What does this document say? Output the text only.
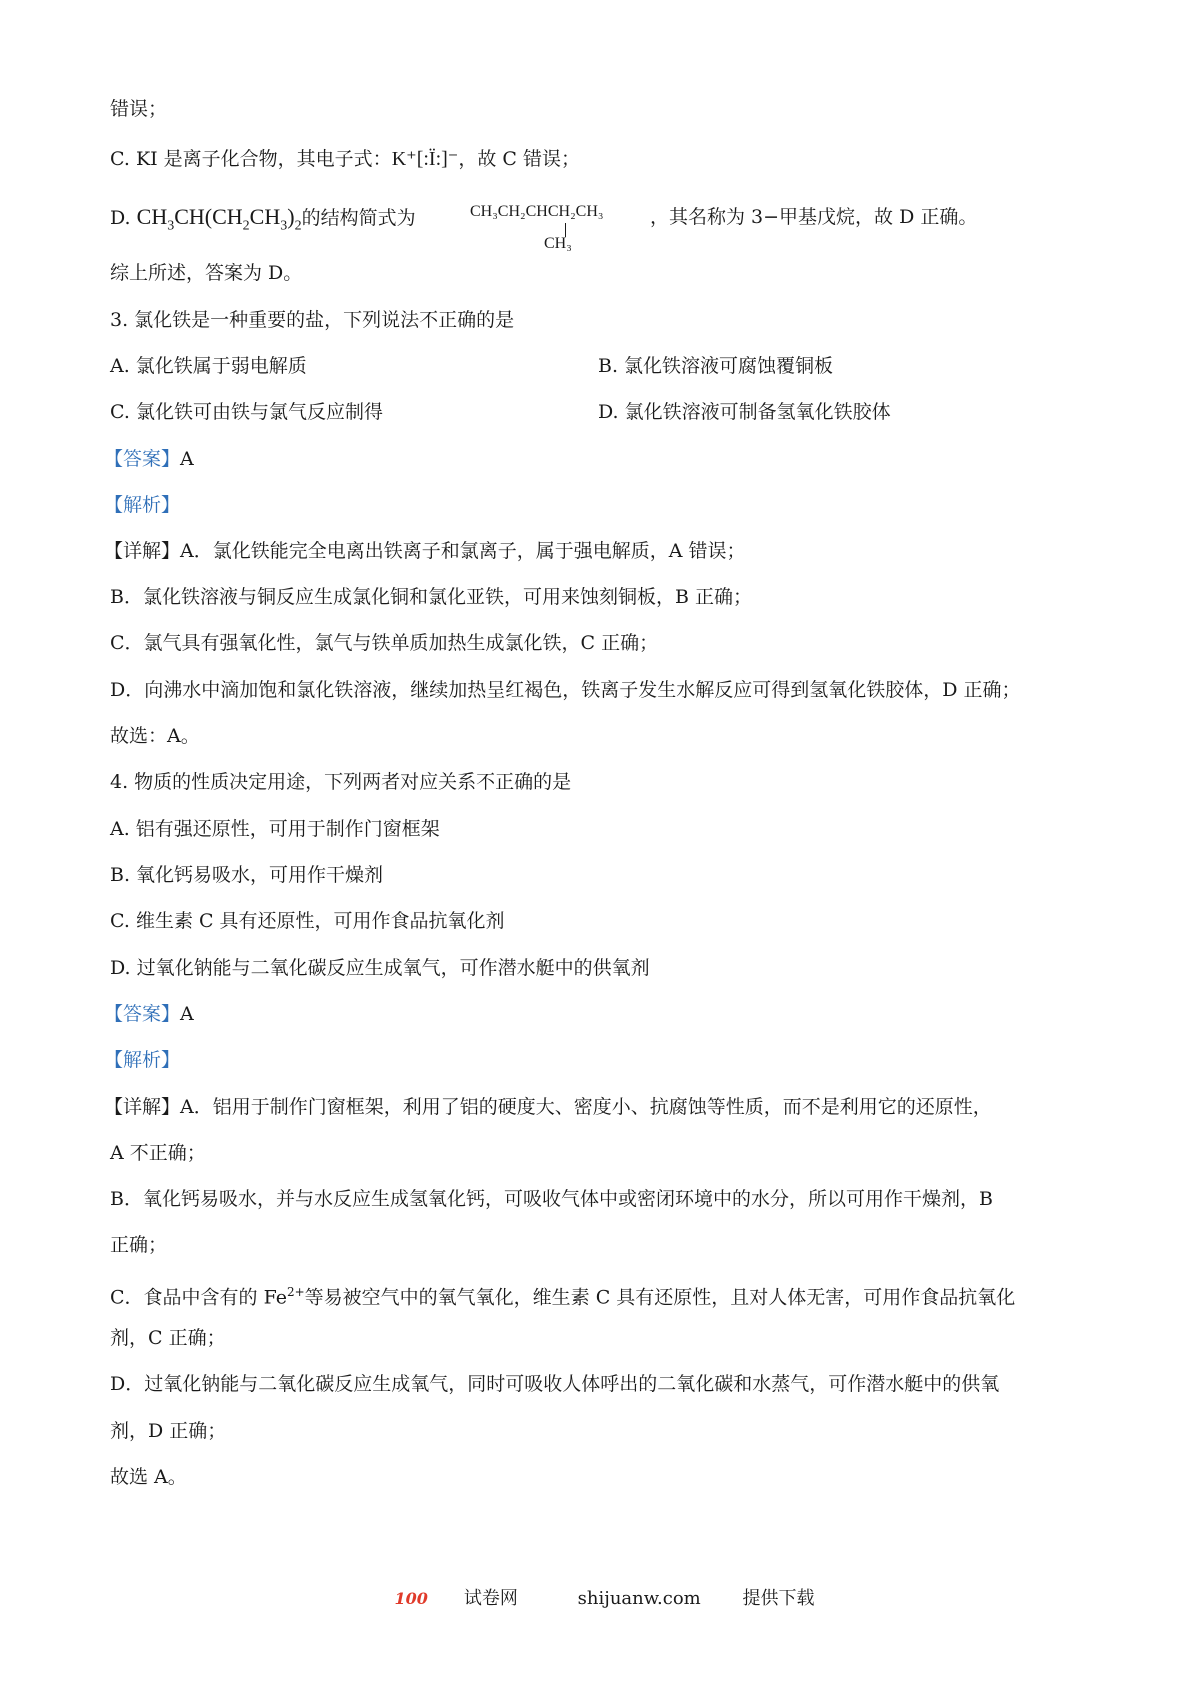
错误；
C. KI 是离子化合物，其电子式：K⁺[:Ï:]⁻，故 C 错误；
D. $CH_3CH(CH_2CH_3)_2$的结构简式为	CH₃CH₂CHCH₂CH₃
CH₃
，其名称为 3−甲基戊烷，故 D 正确。
综上所述，答案为 D。
3. 氯化铁是一种重要的盐，下列说法不正确的是
A. 氯化铁属于弱电解质	B. 氯化铁溶液可腐蚀覆铜板
C. 氯化铁可由铁与氯气反应制得	D. 氯化铁溶液可制备氢氧化铁胶体
【答案】A
【解析】
【详解】A．氯化铁能完全电离出铁离子和氯离子，属于强电解质，A 错误；
B．氯化铁溶液与铜反应生成氯化铜和氯化亚铁，可用来蚀刻铜板，B 正确；
C．氯气具有强氧化性，氯气与铁单质加热生成氯化铁，C 正确；
D．向沸水中滴加饱和氯化铁溶液，继续加热呈红褐色，铁离子发生水解反应可得到氢氧化铁胶体，D 正确；
故选：A。
4. 物质的性质决定用途，下列两者对应关系不正确的是
A. 铝有强还原性，可用于制作门窗框架
B. 氧化钙易吸水，可用作干燥剂
C. 维生素 C 具有还原性，可用作食品抗氧化剂
D. 过氧化钠能与二氧化碳反应生成氧气，可作潜水艇中的供氧剂
【答案】A
【解析】
【详解】A．铝用于制作门窗框架，利用了铝的硬度大、密度小、抗腐蚀等性质，而不是利用它的还原性，
A 不正确；
B．氧化钙易吸水，并与水反应生成氢氧化钙，可吸收气体中或密闭环境中的水分，所以可用作干燥剂，B
正确；
C．食品中含有的 $Fe^{2+}$等易被空气中的氧气氧化，维生素 C 具有还原性，且对人体无害，可用作食品抗氧化
剂，C 正确；
D．过氧化钠能与二氧化碳反应生成氧气，同时可吸收人体呼出的二氧化碳和水蒸气，可作潜水艇中的供氧
剂，D 正确；
故选 A。
100 试卷网	shijuanw.com 提供下载
